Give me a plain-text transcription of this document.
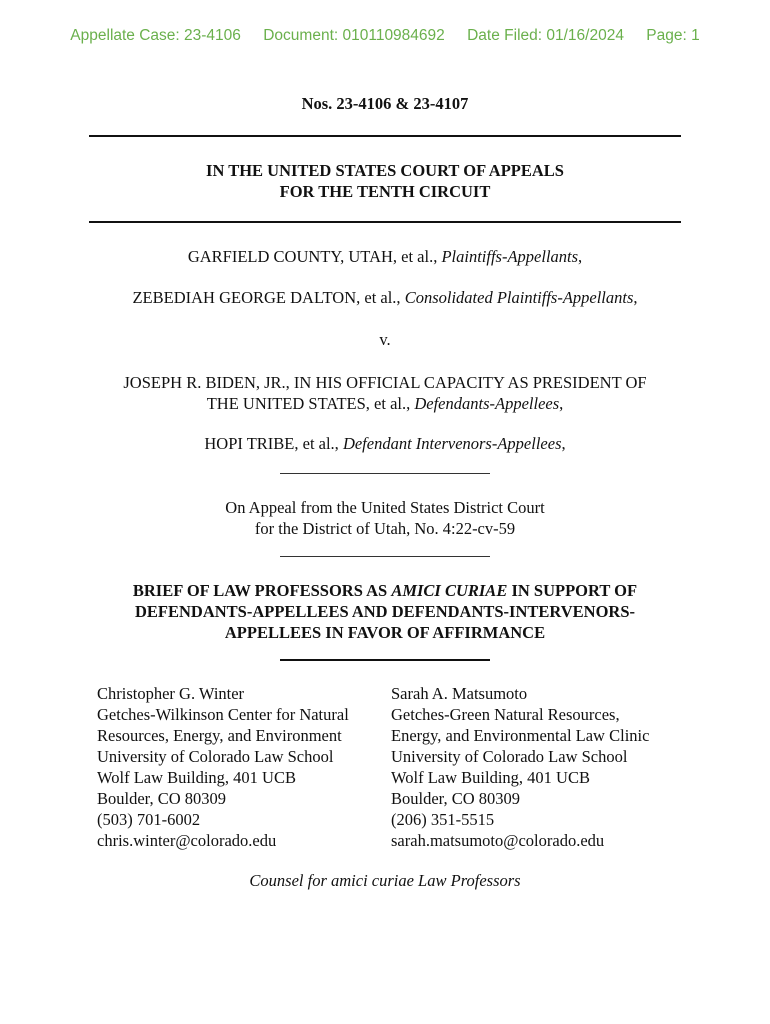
Appellate Case: 23-4106 Document: 010110984692 Date Filed: 01/16/2024 Page: 1
Nos. 23-4106 & 23-4107
IN THE UNITED STATES COURT OF APPEALS
FOR THE TENTH CIRCUIT
GARFIELD COUNTY, UTAH, et al., Plaintiffs-Appellants,
ZEBEDIAH GEORGE DALTON, et al., Consolidated Plaintiffs-Appellants,
v.
JOSEPH R. BIDEN, JR., IN HIS OFFICIAL CAPACITY AS PRESIDENT OF
THE UNITED STATES, et al., Defendants-Appellees,
HOPI TRIBE, et al., Defendant Intervenors-Appellees,
On Appeal from the United States District Court
for the District of Utah, No. 4:22-cv-59
BRIEF OF LAW PROFESSORS AS AMICI CURIAE IN SUPPORT OF
DEFENDANTS-APPELLEES AND DEFENDANTS-INTERVENORS-
APPELLEES IN FAVOR OF AFFIRMANCE
Christopher G. Winter
Getches-Wilkinson Center for Natural
Resources, Energy, and Environment
University of Colorado Law School
Wolf Law Building, 401 UCB
Boulder, CO 80309
(503) 701-6002
chris.winter@colorado.edu
Sarah A. Matsumoto
Getches-Green Natural Resources,
Energy, and Environmental Law Clinic
University of Colorado Law School
Wolf Law Building, 401 UCB
Boulder, CO 80309
(206) 351-5515
sarah.matsumoto@colorado.edu
Counsel for amici curiae Law Professors
